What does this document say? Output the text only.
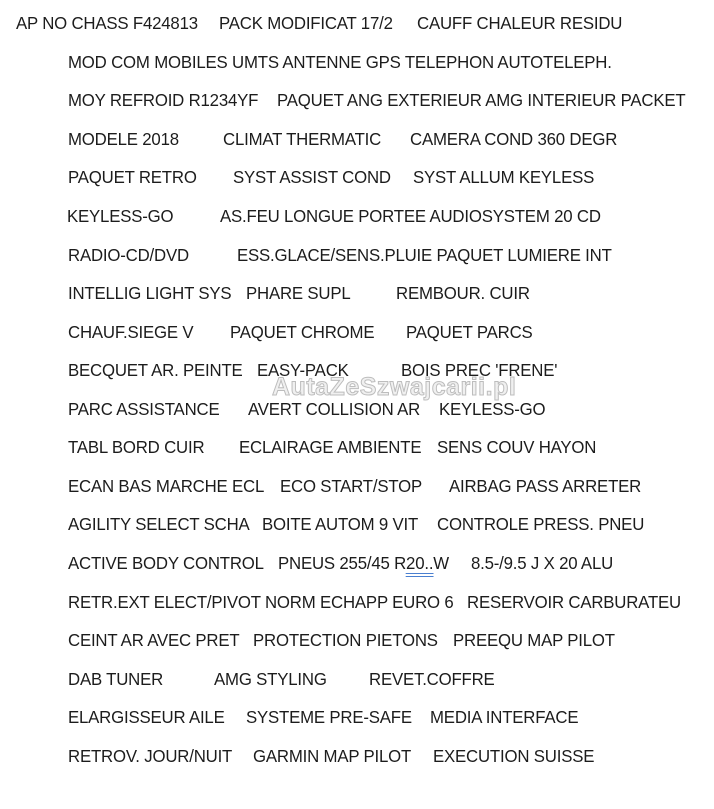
AP NO CHASS F424813 PACK MODIFICAT 17/2 CAUFF CHALEUR RESIDU
MOD COM MOBILES UMTS ANTENNE GPS TELEPHON AUTOTELEPH.
MOY REFROID R1234YF PAQUET ANG EXTERIEUR AMG INTERIEUR PACKET
MODELE 2018	CLIMAT THERMATIC CAMERA COND 360 DEGR
PAQUET RETRO SYST ASSIST COND SYST ALLUM KEYLESS
KEYLESS-GO	AS.FEU LONGUE PORTEE AUDIOSYSTEM 20 CD
RADIO-CD/DVD	ESS.GLACE/SENS.PLUIE PAQUET LUMIERE INT
INTELLIG LIGHT SYS PHARE SUPL	REMBOUR. CUIR
CHAUF.SIEGE V PAQUET CHROME PAQUET PARCS
BECQUET AR. PEINTE EASY-PACK	BOIS PREC 'FRENE'
PARC ASSISTANCE AVERT COLLISION AR KEYLESS-GO
TABL BORD CUIR ECLAIRAGE AMBIENTE SENS COUV HAYON
ECAN BAS MARCHE ECL ECO START/STOP AIRBAG PASS ARRETER
AGILITY SELECT SCHA BOITE AUTOM 9 VIT CONTROLE PRESS. PNEU
ACTIVE BODY CONTROL PNEUS 255/45 R20..W 8.5-/9.5 J X 20 ALU
RETR.EXT ELECT/PIVOT NORM ECHAPP EURO 6 RESERVOIR CARBURATEU
CEINT AR AVEC PRET PROTECTION PIETONS PREEQU MAP PILOT
DAB TUNER	AMG STYLING REVET.COFFRE
ELARGISSEUR AILE SYSTEME PRE-SAFE MEDIA INTERFACE
RETROV. JOUR/NUIT GARMIN MAP PILOT EXECUTION SUISSE
AutaZeSzwajcarii.pl
